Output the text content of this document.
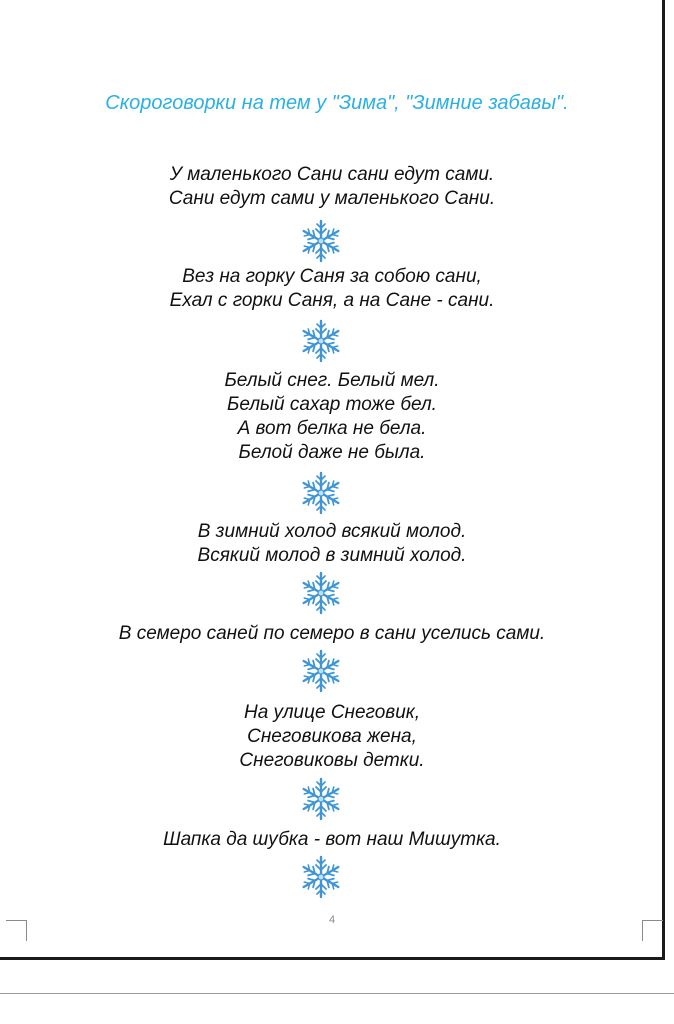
Скороговорки на тем у "Зима", "Зимние забавы".
У маленького Сани сани едут сами.
Сани едут сами у маленького Сани.
Вез на горку Саня за собою сани,
Ехал с горки Саня, а на Сане - сани.
Белый снег. Белый мел.
Белый сахар тоже бел.
А вот белка не бела.
Белой даже не была.
В зимний холод всякий молод.
Всякий молод в зимний холод.
В семеро саней по семеро в сани уселись сами.
На улице Снеговик,
Снеговикова жена,
Снеговиковы детки.
Шапка да шубка - вот наш Мишутка.
4
